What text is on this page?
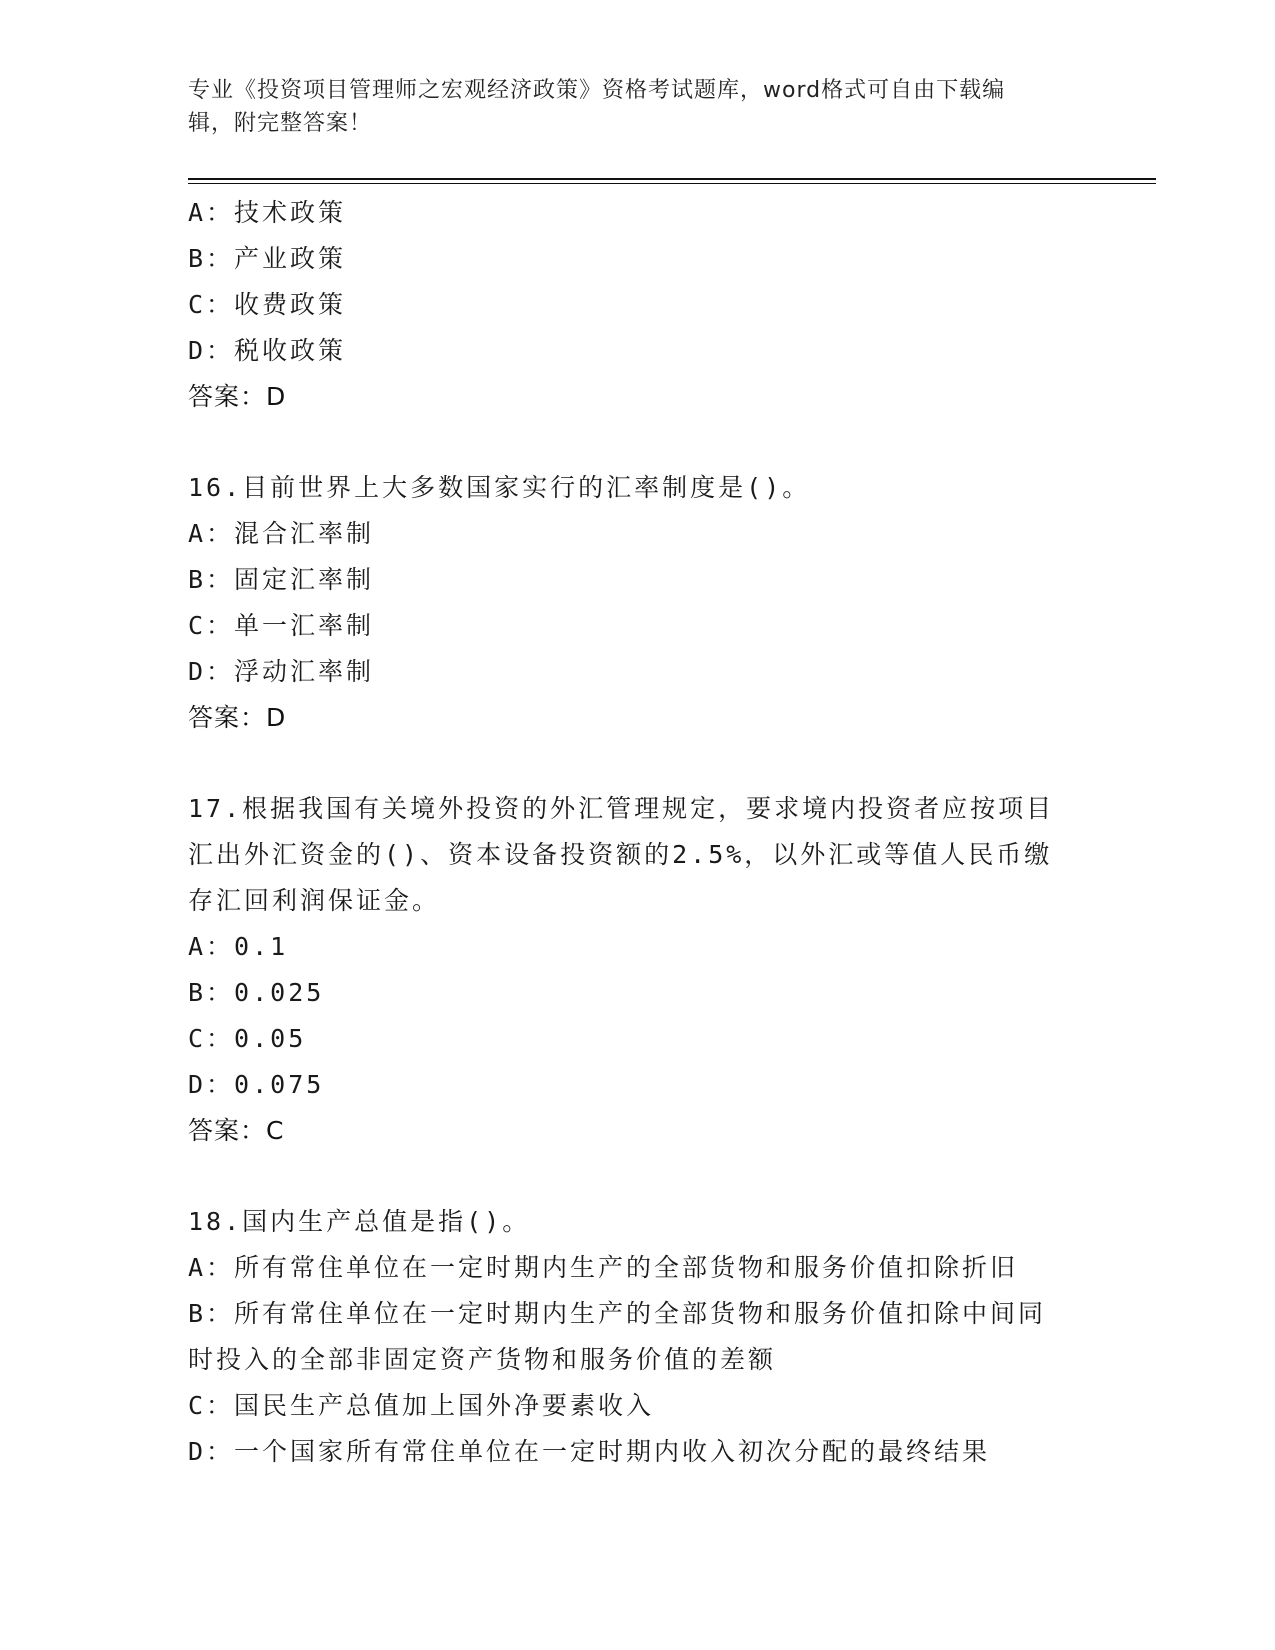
专业《投资项目管理师之宏观经济政策》资格考试题库，word格式可自由下载编
辑，附完整答案！
A：技术政策
B：产业政策
C：收费政策
D：税收政策
答案：D
16.目前世界上大多数国家实行的汇率制度是()。
A：混合汇率制
B：固定汇率制
C：单一汇率制
D：浮动汇率制
答案：D
17.根据我国有关境外投资的外汇管理规定，要求境内投资者应按项目
汇出外汇资金的()、资本设备投资额的2.5%，以外汇或等值人民币缴
存汇回利润保证金。
A：0.1
B：0.025
C：0.05
D：0.075
答案：C
18.国内生产总值是指()。
A：所有常住单位在一定时期内生产的全部货物和服务价值扣除折旧
B：所有常住单位在一定时期内生产的全部货物和服务价值扣除中间同
时投入的全部非固定资产货物和服务价值的差额
C：国民生产总值加上国外净要素收入
D：一个国家所有常住单位在一定时期内收入初次分配的最终结果
